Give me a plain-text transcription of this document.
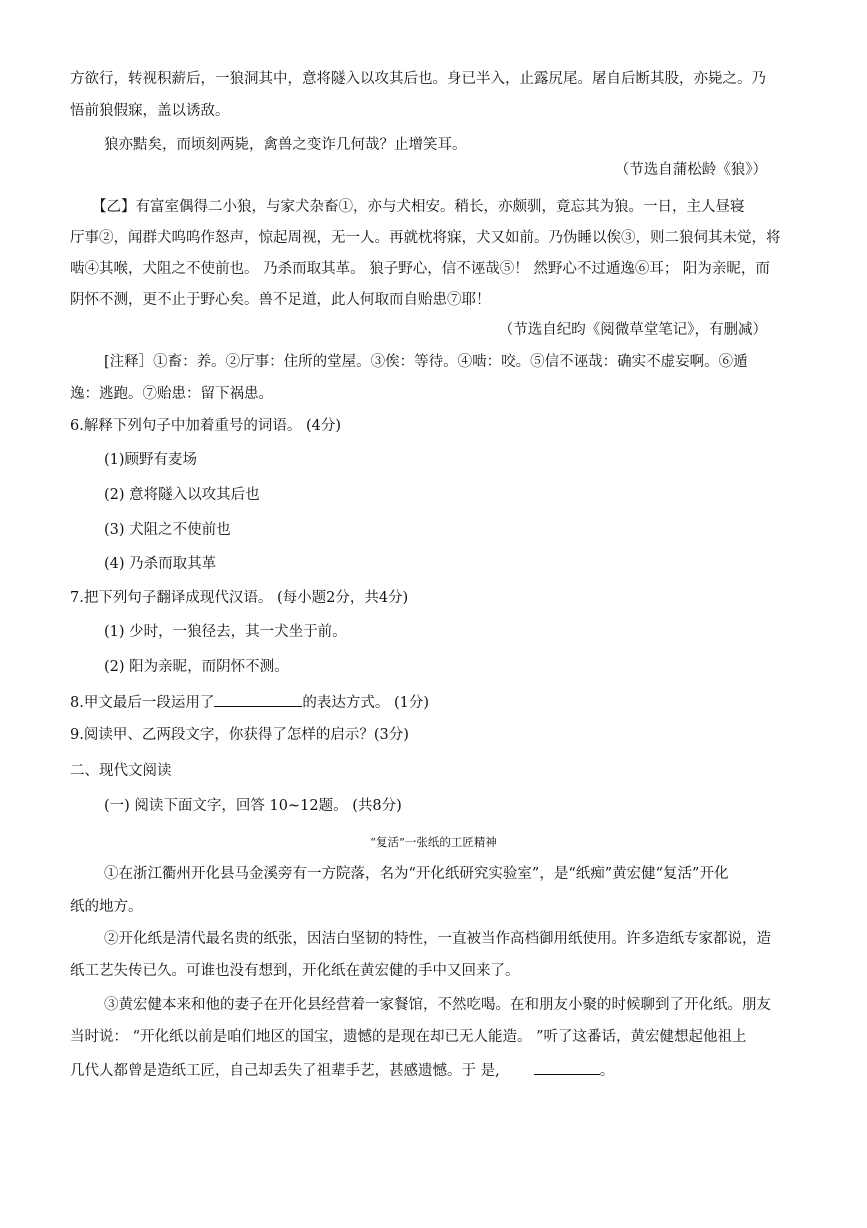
方欲行，转视积薪后，一狼洞其中，意将隧入以攻其后也。身已半入，止露尻尾。屠自后断其股，亦毙之。乃
悟前狼假寐，盖以诱敌。
狼亦黠矣，而顷刻两毙，禽兽之变诈几何哉？止增笑耳。
（节选自蒲松龄《狼》）
【乙】有富室偶得二小狼，与家犬杂畜①，亦与犬相安。稍长，亦颇驯，竟忘其为狼。一日，主人昼寝
厅事②，闻群犬呜呜作怒声，惊起周视，无一人。再就枕将寐，犬又如前。乃伪睡以俟③，则二狼伺其未觉，将
啮④其喉，犬阻之不使前也。 乃杀而取其革。 狼子野心，信不诬哉⑤！ 然野心不过遁逸⑥耳； 阳为亲昵，而
阴怀不测，更不止于野心矣。兽不足道，此人何取而自贻患⑦耶！
（节选自纪昀《阅微草堂笔记》，有删减）
[注释］①畜：养。②厅事：住所的堂屋。③俟：等待。④啮：咬。⑤信不诬哉：确实不虚妄啊。⑥遁
逸：逃跑。⑦贻患：留下祸患。
6.解释下列句子中加着重号的词语。 (4分)
(1)顾野有麦场
(2) 意将隧入以攻其后也
(3) 犬阻之不使前也
(4) 乃杀而取其革
7.把下列句子翻译成现代汉语。 (每小题2分，共4分)
(1) 少时，一狼径去，其一犬坐于前。
(2) 阳为亲昵，而阴怀不测。
8.甲文最后一段运用了	的表达方式。 (1分)
9.阅读甲、乙两段文字，你获得了怎样的启示？(3分)
二、现代文阅读
(一) 阅读下面文字，回答 10~12题。 (共8分)
“复活”一张纸的工匠精神
①在浙江衢州开化县马金溪旁有一方院落，名为“开化纸研究实验室”，是“纸痴”黄宏健“复活”开化
纸的地方。
②开化纸是清代最名贵的纸张，因洁白坚韧的特性，一直被当作高档御用纸使用。许多造纸专家都说，造
纸工艺失传已久。可谁也没有想到，开化纸在黄宏健的手中又回来了。
③黄宏健本来和他的妻子在开化县经营着一家餐馆，不然吃喝。在和朋友小聚的时候聊到了开化纸。朋友
当时说： “开化纸以前是咱们地区的国宝，遗憾的是现在却已无人能造。 ”听了这番话，黄宏健想起他祖上
几代人都曾是造纸工匠，自己却丢失了祖辈手艺，甚感遗憾。于 是,	。
